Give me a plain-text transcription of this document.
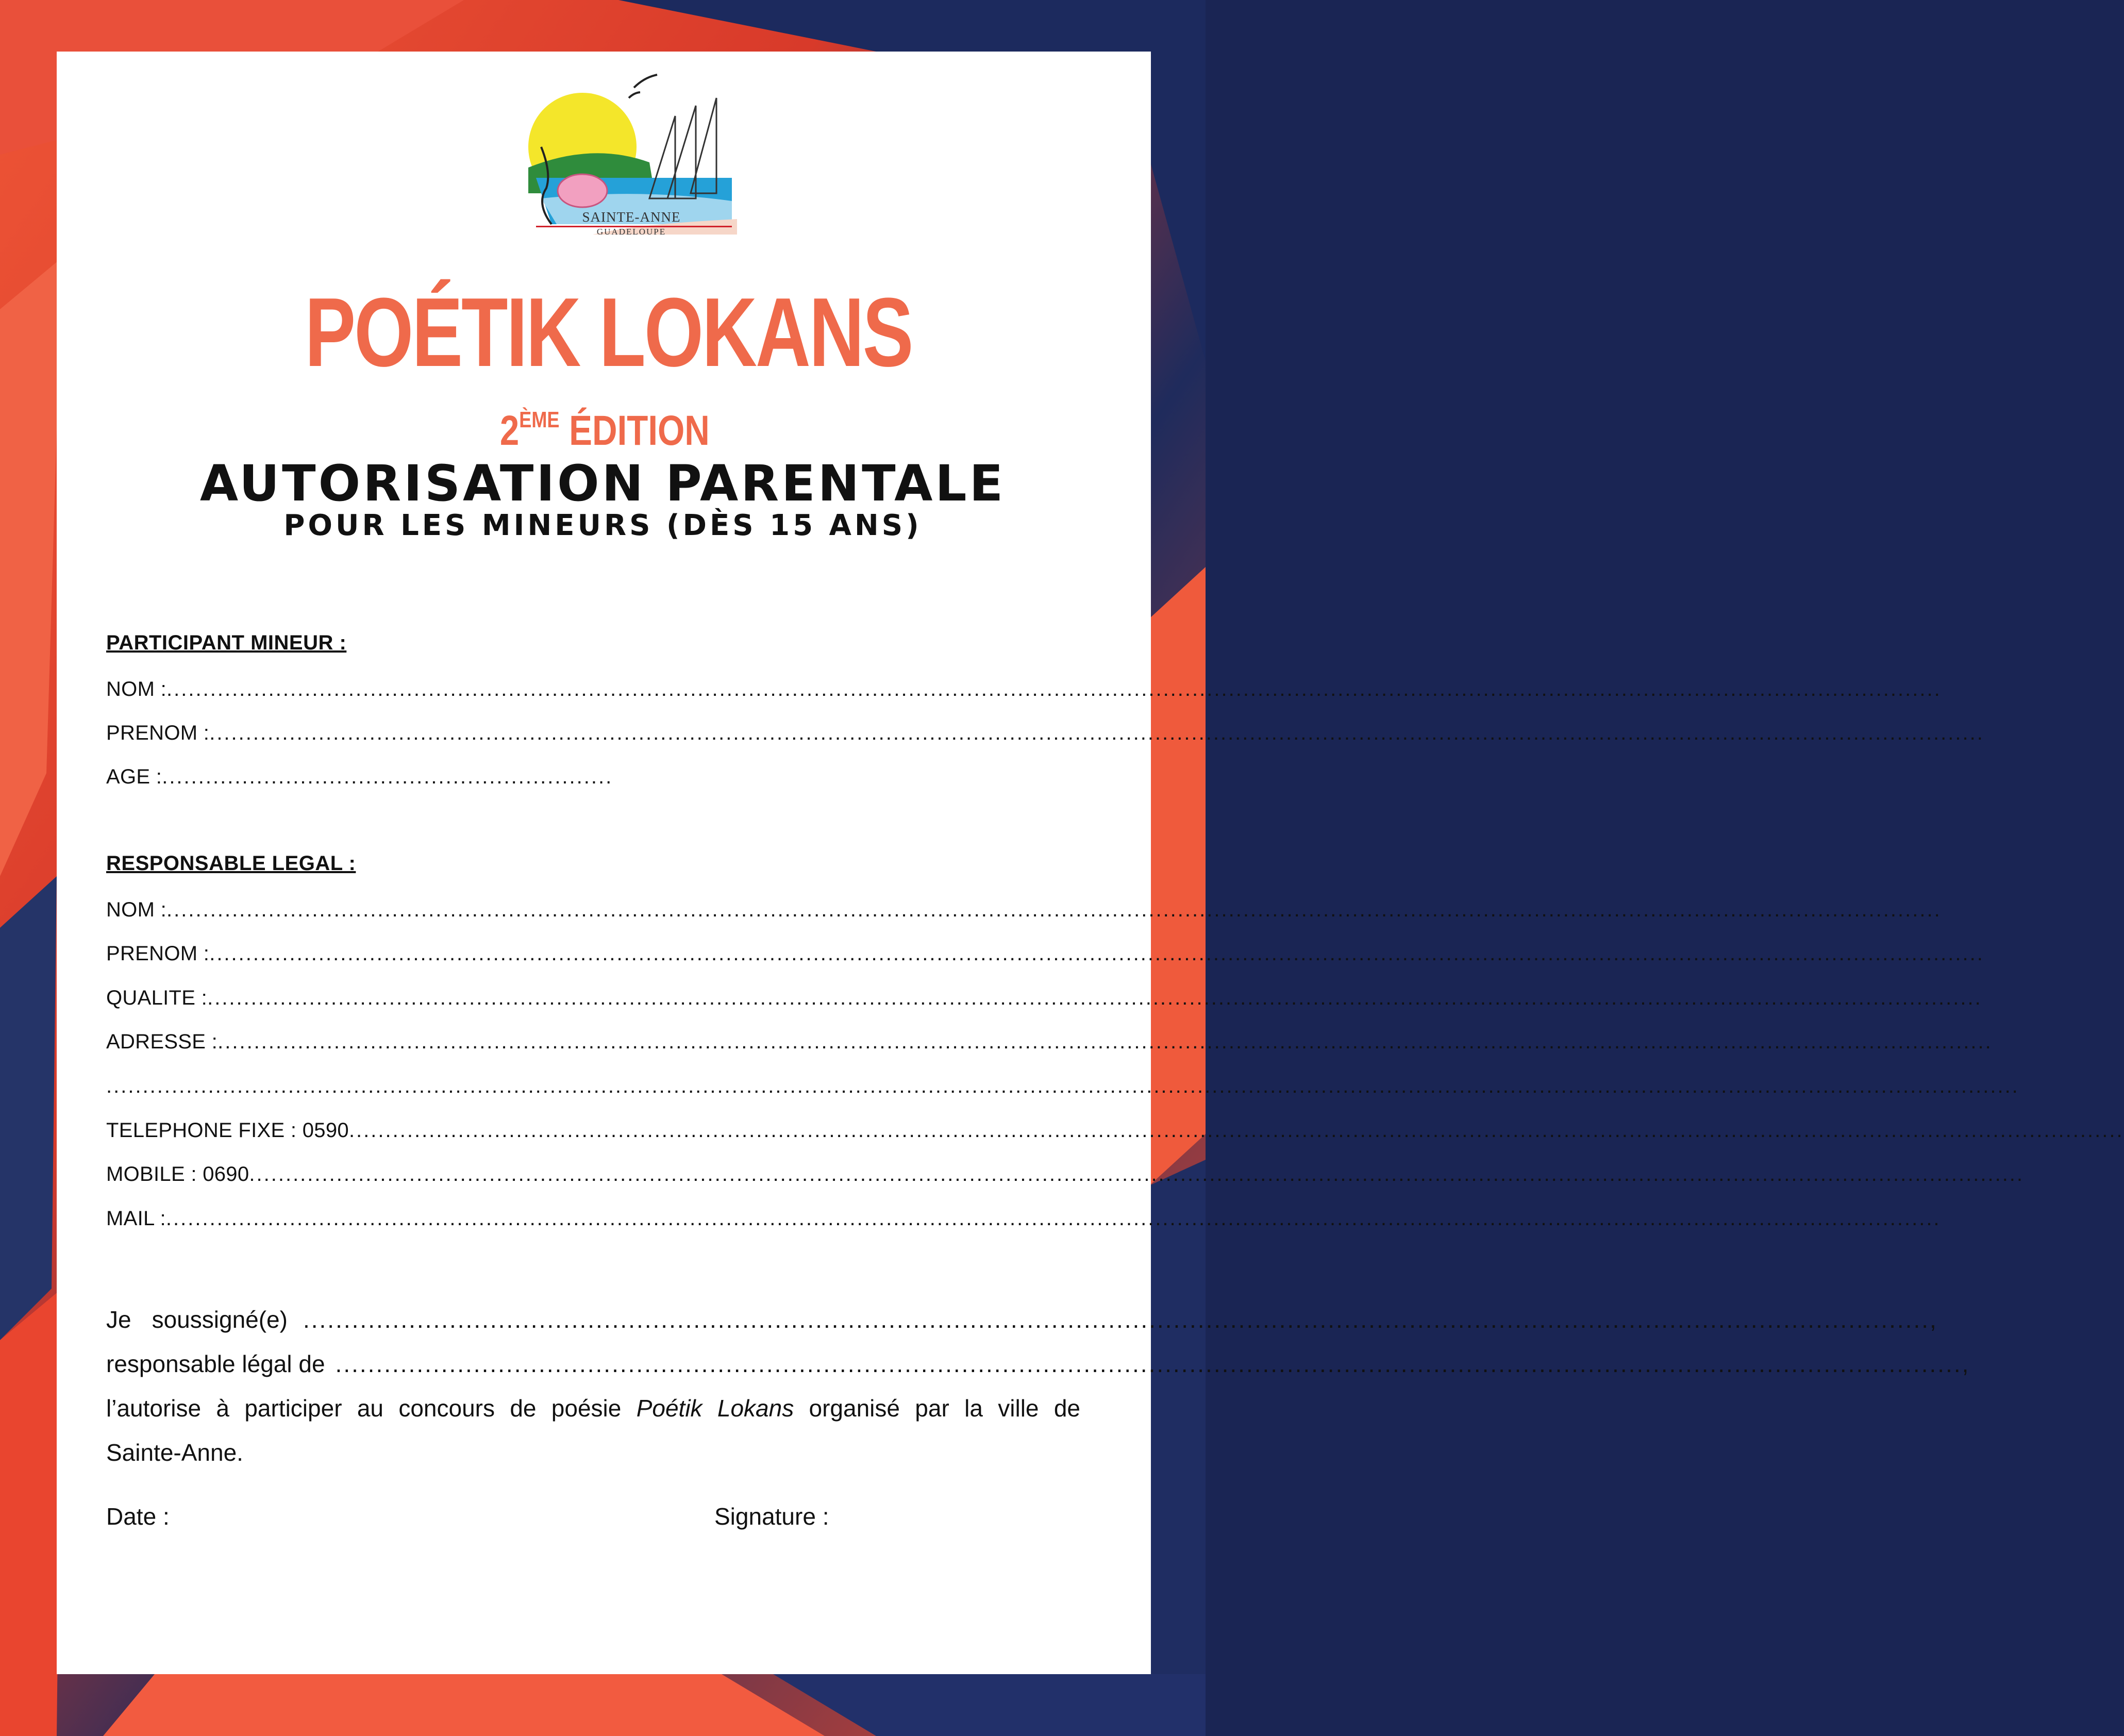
SAINTE-ANNE
GUADELOUPE
POÉTIK LOKANS
2ÈME ÉDITION
AUTORISATION PARENTALE
POUR LES MINEURS (DÈS 15 ANS)
PARTICIPANT MINEUR :
NOM :....................................................................................................................................................................................................................................................
PRENOM :....................................................................................................................................................................................................................................................
AGE :..............................................................
RESPONSABLE LEGAL :
NOM :....................................................................................................................................................................................................................................................
PRENOM :....................................................................................................................................................................................................................................................
QUALITE :....................................................................................................................................................................................................................................................
ADRESSE :....................................................................................................................................................................................................................................................
.......................................................................................................................................................................................................................................................................
TELEPHONE FIXE : 0590....................................................................................................................................................................................................................................................
MOBILE : 0690....................................................................................................................................................................................................................................................
MAIL :....................................................................................................................................................................................................................................................
Je soussigné(e) ........................................................................................................................................................................................................ ,
responsable légal de ........................................................................................................................................................................................................ ,
l’autorise à participer au concours de poésie Poétik Lokans organisé par la ville de
Sainte-Anne.
Date :	Signature :
